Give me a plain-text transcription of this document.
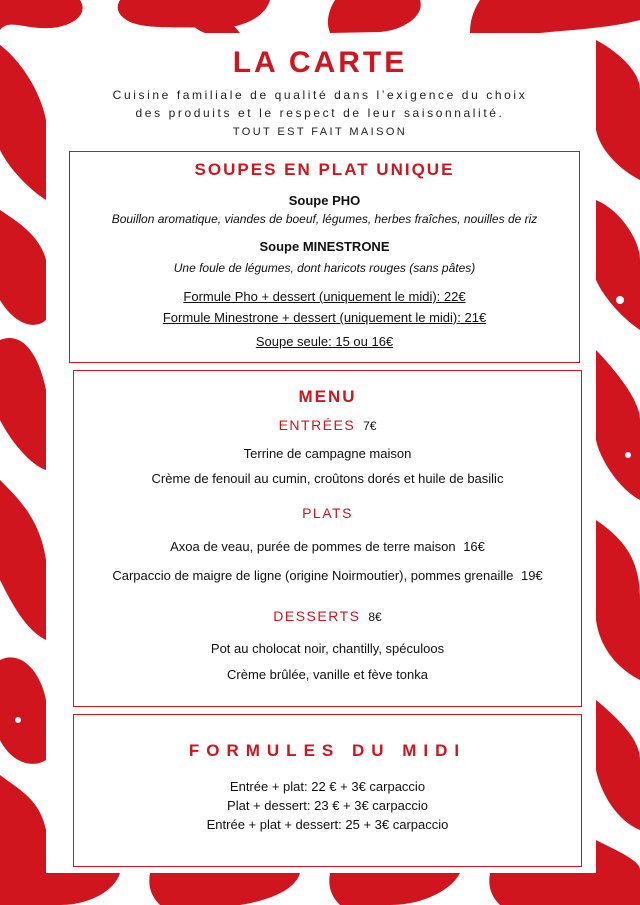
LA CARTE
Cuisine familiale de qualité dans l’exigence du choix
des produits et le respect de leur saisonnalité.
TOUT EST FAIT MAISON
SOUPES EN PLAT UNIQUE
Soupe PHO
Bouillon aromatique, viandes de boeuf, légumes, herbes fraîches, nouilles de riz
Soupe MINESTRONE
Une foule de légumes, dont haricots rouges (sans pâtes)
Formule Pho + dessert (uniquement le midi): 22€
Formule Minestrone + dessert (uniquement le midi): 21€
Soupe seule: 15 ou 16€
MENU
ENTRÉES 7€
Terrine de campagne maison
Crème de fenouil au cumin, croûtons dorés et huile de basilic
PLATS
Axoa de veau, purée de pommes de terre maison 16€
Carpaccio de maigre de ligne (origine Noirmoutier), pommes grenaille 19€
DESSERTS 8€
Pot au cholocat noir, chantilly, spéculoos
Crème brûlée, vanille et fève tonka
FORMULES DU MIDI
Entrée + plat: 22 € + 3€ carpaccio
Plat + dessert: 23 € + 3€ carpaccio
Entrée + plat + dessert: 25 + 3€ carpaccio
